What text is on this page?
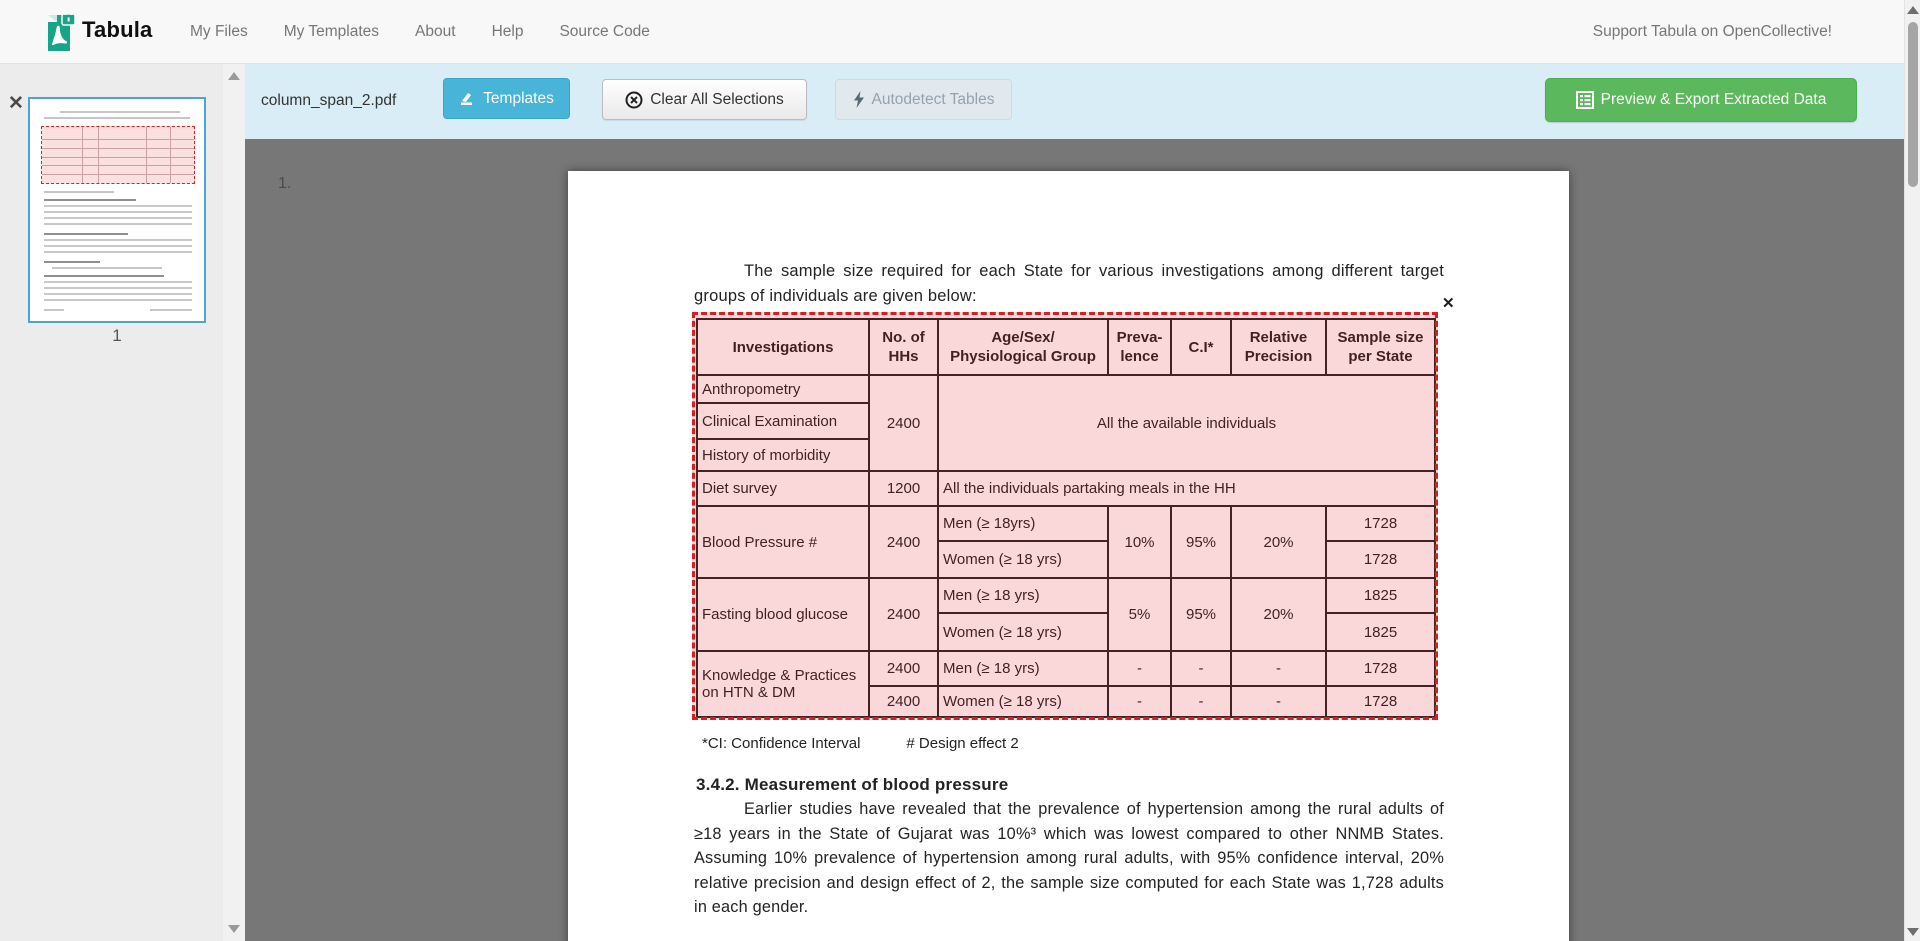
Tabula My Files My Templates About Help Source Code	Support Tabula on OpenCollective!
column_span_2.pdf	Templates	Clear All Selections	Autodetect Tables	Preview & Export Extracted Data
✕
1
1.

The sample size required for each State for various investigations among different target groups of individuals are given below:

Investigations	No. of HHs	Age/Sex/ Physiological Group	Preva- lence	C.I*	Relative Precision	Sample size per State
Anthropometry	2400	All the available individuals				
Clinical Examination						
History of morbidity						
Diet survey	1200	All the individuals partaking meals in the HH				
Blood Pressure #	2400	Men (≥ 18yrs)	10%	95%	20%	1728
		Women (≥ 18 yrs)				1728
Fasting blood glucose	2400	Men (≥ 18 yrs)	5%	95%	20%	1825
		Women (≥ 18 yrs)				1825
Knowledge & Practices on HTN & DM	2400	Men (≥ 18 yrs)	-	-	-	1728
	2400	Women (≥ 18 yrs)	-	-	-	1728
✕
*CI: Confidence Interval	# Design effect 2
3.4.2. Measurement of blood pressure

Earlier studies have revealed that the prevalence of hypertension among the rural adults of ≥18 years in the State of Gujarat was 10%³ which was lowest compared to other NNMB States. Assuming 10% prevalence of hypertension among rural adults, with 95% confidence interval, 20% relative precision and design effect of 2, the sample size computed for each State was 1,728 adults in each gender.
